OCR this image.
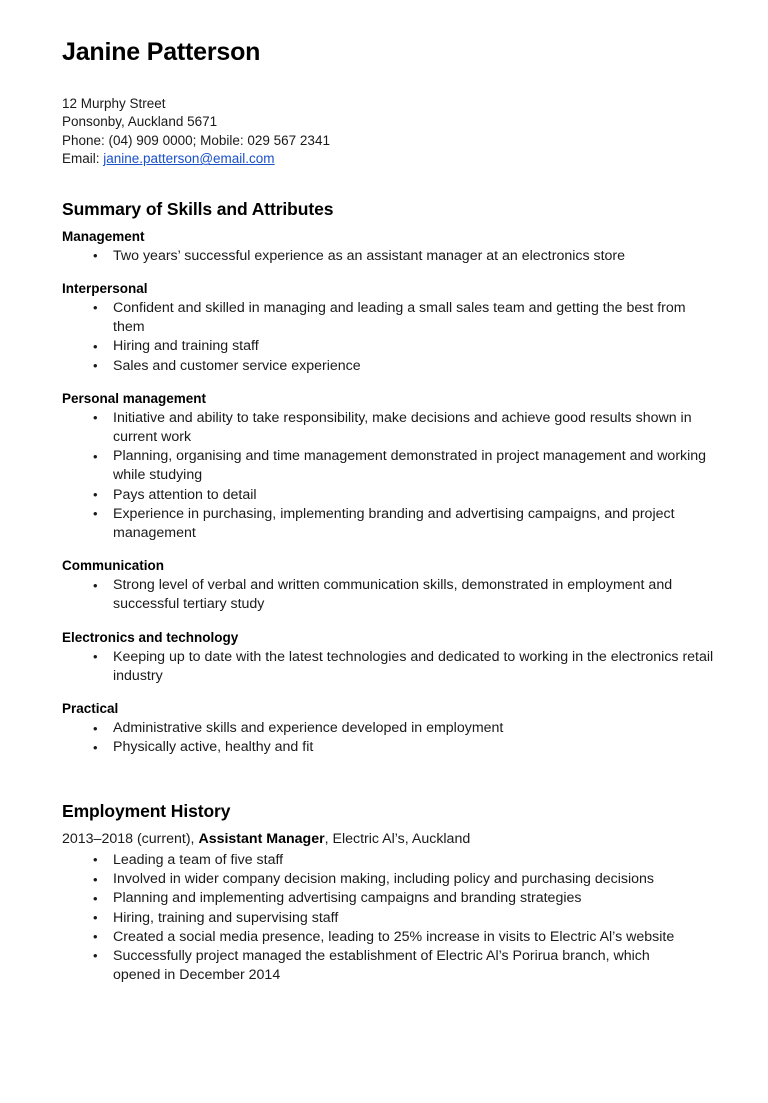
Janine Patterson
12 Murphy Street
Ponsonby, Auckland 5671
Phone: (04) 909 0000; Mobile: 029 567 2341
Email: janine.patterson@email.com
Summary of Skills and Attributes
Management
• Two years’ successful experience as an assistant manager at an electronics store
Interpersonal
• Confident and skilled in managing and leading a small sales team and getting the best from them
• Hiring and training staff
• Sales and customer service experience
Personal management
• Initiative and ability to take responsibility, make decisions and achieve good results shown in current work
• Planning, organising and time management demonstrated in project management and working while studying
• Pays attention to detail
• Experience in purchasing, implementing branding and advertising campaigns, and project management
Communication
• Strong level of verbal and written communication skills, demonstrated in employment and successful tertiary study
Electronics and technology
• Keeping up to date with the latest technologies and dedicated to working in the electronics retail industry
Practical
• Administrative skills and experience developed in employment
• Physically active, healthy and fit
Employment History
2013–2018 (current), Assistant Manager, Electric Al’s, Auckland
• Leading a team of five staff
• Involved in wider company decision making, including policy and purchasing decisions
• Planning and implementing advertising campaigns and branding strategies
• Hiring, training and supervising staff
• Created a social media presence, leading to 25% increase in visits to Electric Al’s website
• Successfully project managed the establishment of Electric Al’s Porirua branch, which opened in December 2014
